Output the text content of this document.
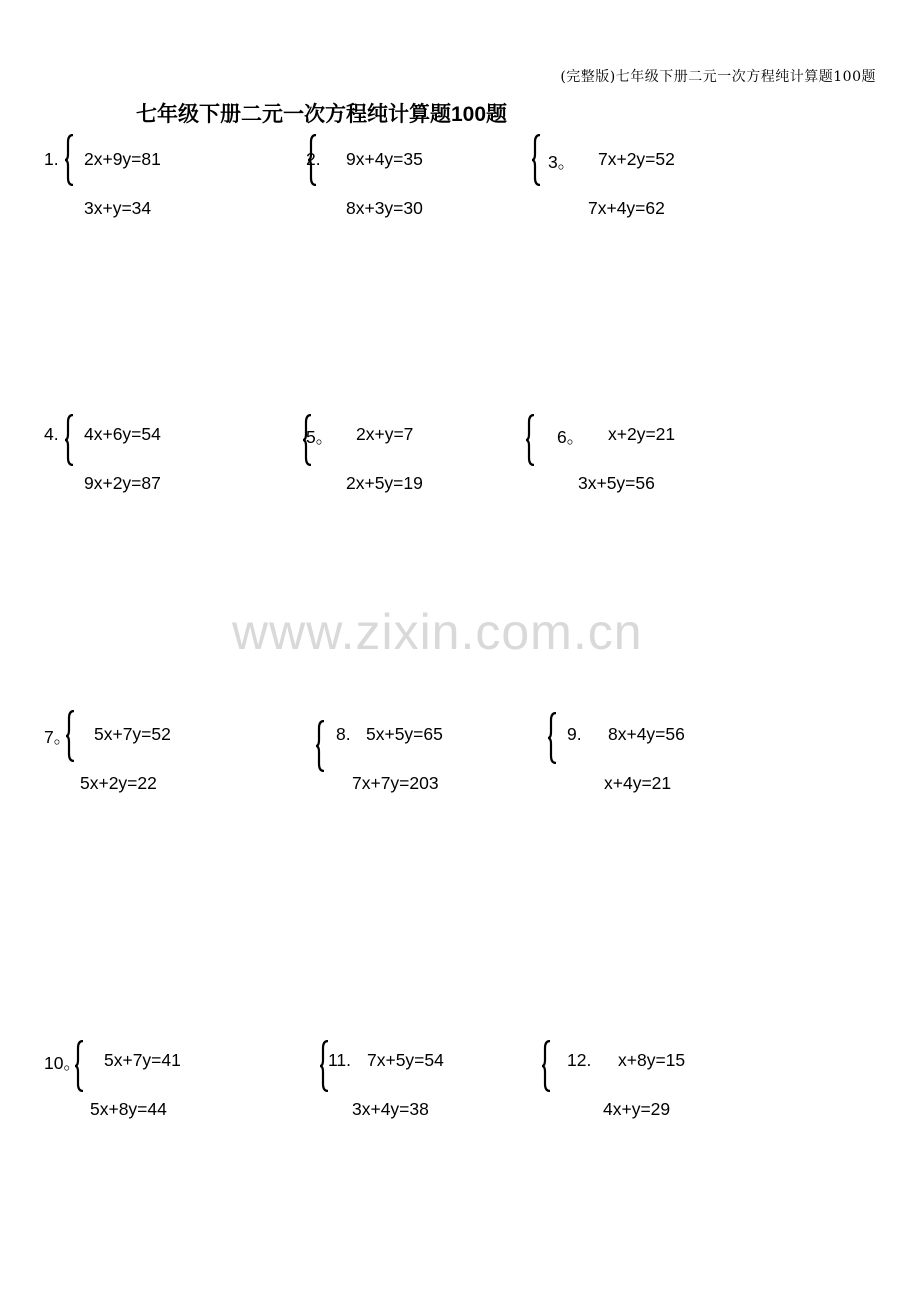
(完整版)七年级下册二元一次方程纯计算题100题
七年级下册二元一次方程纯计算题100题
www.zixin.com.cn
1. 2x+9y=81
3x+y=34
2. 9x+4y=35
8x+3y=30
3。 7x+2y=52
7x+4y=62
4. 4x+6y=54
9x+2y=87
5。 2x+y=7
2x+5y=19
6。 x+2y=21
3x+5y=56
7。 5x+7y=52
5x+2y=22
8. 5x+5y=65
7x+7y=203
9. 8x+4y=56
x+4y=21
10。 5x+7y=41
5x+8y=44
11. 7x+5y=54
3x+4y=38
12. x+8y=15
4x+y=29
